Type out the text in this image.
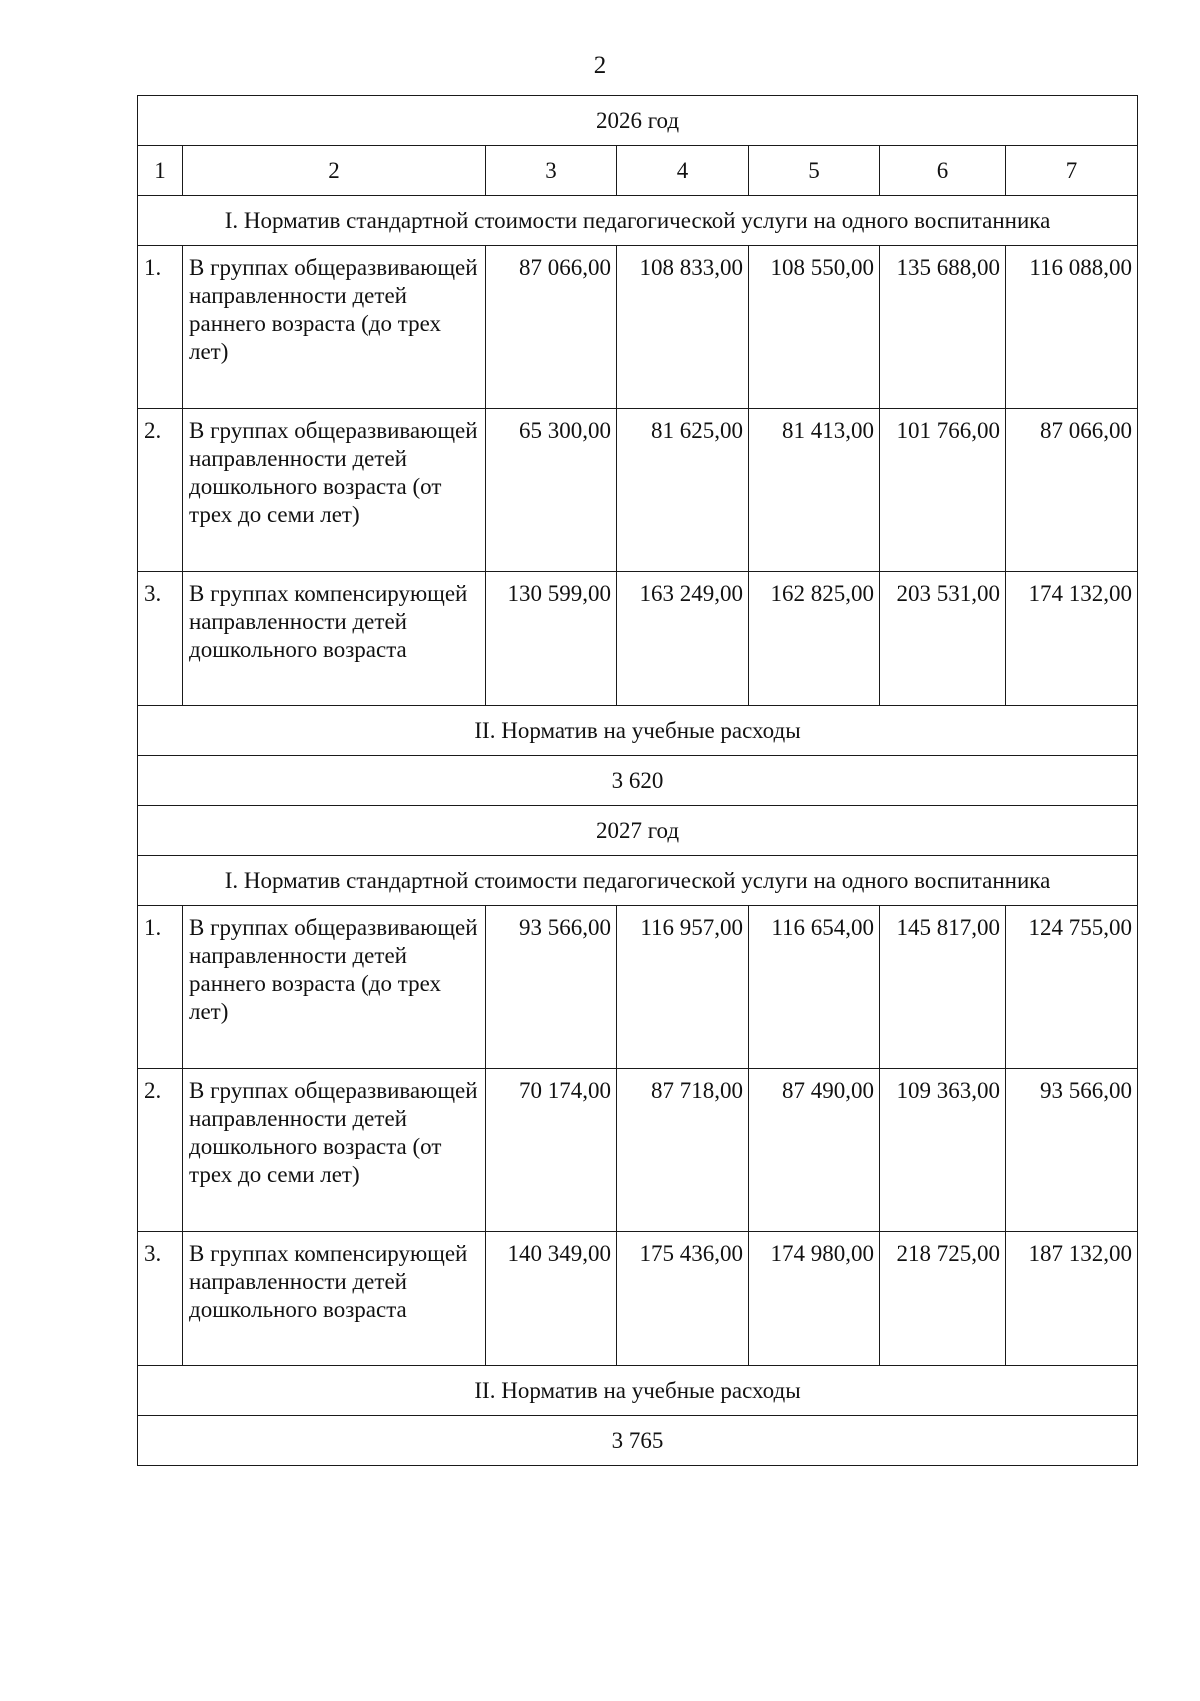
2
2026 год						
1	2	3	4	5	6	7
I. Норматив стандартной стоимости педагогической услуги на одного воспитанника						
1.	В группах общеразвивающей направленности детей раннего возраста (до трех лет)	87 066,00	108 833,00	108 550,00	135 688,00	116 088,00
2.	В группах общеразвивающей направленности детей дошкольного возраста (от трех до семи лет)	65 300,00	81 625,00	81 413,00	101 766,00	87 066,00
3.	В группах компенсирующей направленности детей дошкольного возраста	130 599,00	163 249,00	162 825,00	203 531,00	174 132,00
II. Норматив на учебные расходы						
3 620						
2027 год						
I. Норматив стандартной стоимости педагогической услуги на одного воспитанника						
1.	В группах общеразвивающей направленности детей раннего возраста (до трех лет)	93 566,00	116 957,00	116 654,00	145 817,00	124 755,00
2.	В группах общеразвивающей направленности детей дошкольного возраста (от трех до семи лет)	70 174,00	87 718,00	87 490,00	109 363,00	93 566,00
3.	В группах компенсирующей направленности детей дошкольного возраста	140 349,00	175 436,00	174 980,00	218 725,00	187 132,00
II. Норматив на учебные расходы						
3 765						
